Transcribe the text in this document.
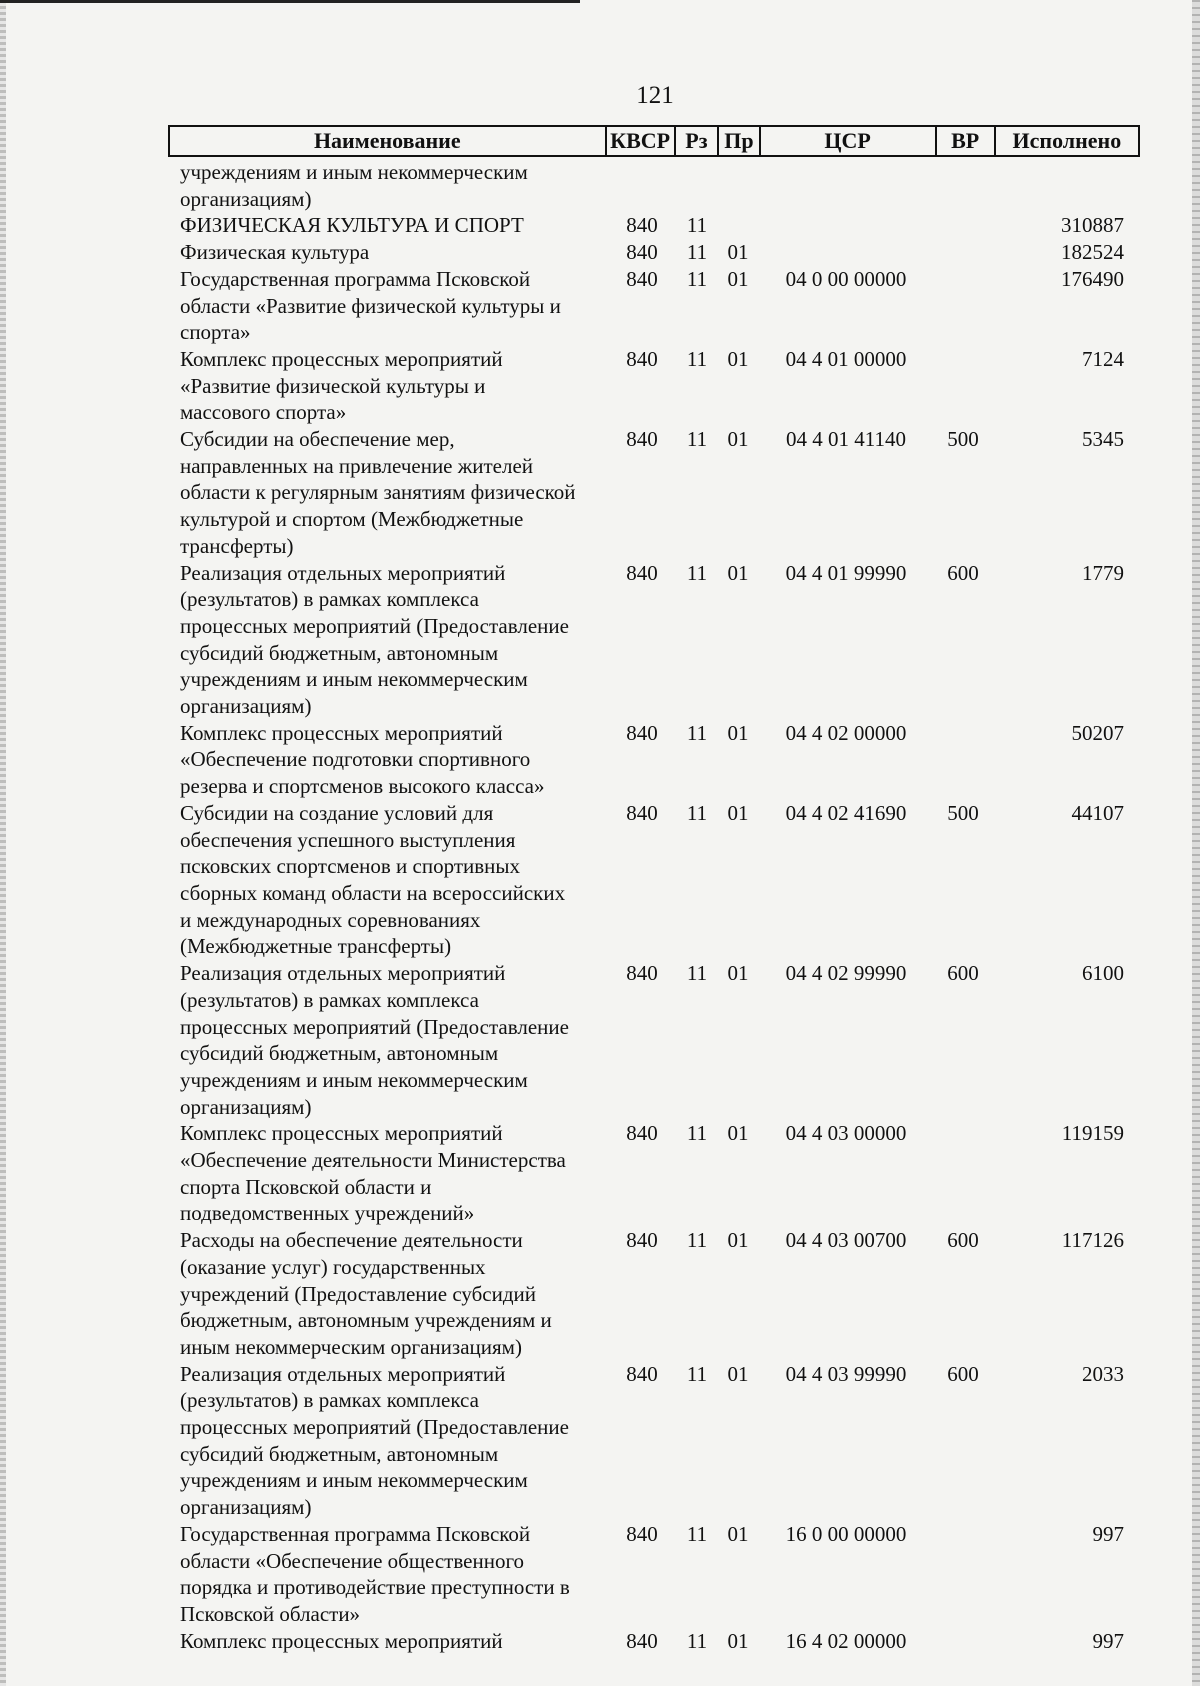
121
Наименование	КВСР Рз Пр	ЦСР	ВР	Исполнено
учреждениям и иным некоммерческим
организациям)
ФИЗИЧЕСКАЯ КУЛЬТУРА И СПОРТ	840	11	310887
Физическая культура	840	11 01	182524
Государственная программа Псковской
области «Развитие физической культуры и
спорта»
840	11 01	04 0 00 00000	176490
Комплекс процессных мероприятий
«Развитие физической культуры и
массового спорта»
840	11 01	04 4 01 00000	7124
Субсидии на обеспечение мер,
направленных на привлечение жителей
области к регулярным занятиям физической
культурой и спортом (Межбюджетные
трансферты)
840	11 01	04 4 01 41140	500	5345
Реализация отдельных мероприятий
(результатов) в рамках комплекса
процессных мероприятий (Предоставление
субсидий бюджетным, автономным
учреждениям и иным некоммерческим
организациям)
840	11 01	04 4 01 99990	600	1779
Комплекс процессных мероприятий
«Обеспечение подготовки спортивного
резерва и спортсменов высокого класса»
840	11 01	04 4 02 00000	50207
Субсидии на создание условий для
обеспечения успешного выступления
псковских спортсменов и спортивных
сборных команд области на всероссийских
и международных соревнованиях
(Межбюджетные трансферты)
840	11 01	04 4 02 41690	500	44107
Реализация отдельных мероприятий
(результатов) в рамках комплекса
процессных мероприятий (Предоставление
субсидий бюджетным, автономным
учреждениям и иным некоммерческим
организациям)
840	11 01	04 4 02 99990	600	6100
Комплекс процессных мероприятий
«Обеспечение деятельности Министерства
спорта Псковской области и
подведомственных учреждений»
840	11 01	04 4 03 00000	119159
Расходы на обеспечение деятельности
(оказание услуг) государственных
учреждений (Предоставление субсидий
бюджетным, автономным учреждениям и
иным некоммерческим организациям)
840	11 01	04 4 03 00700	600	117126
Реализация отдельных мероприятий
(результатов) в рамках комплекса
процессных мероприятий (Предоставление
субсидий бюджетным, автономным
учреждениям и иным некоммерческим
организациям)
840	11 01	04 4 03 99990	600	2033
Государственная программа Псковской
области «Обеспечение общественного
порядка и противодействие преступности в
Псковской области»
840	11 01	16 0 00 00000	997
Комплекс процессных мероприятий	840	11 01	16 4 02 00000	997
